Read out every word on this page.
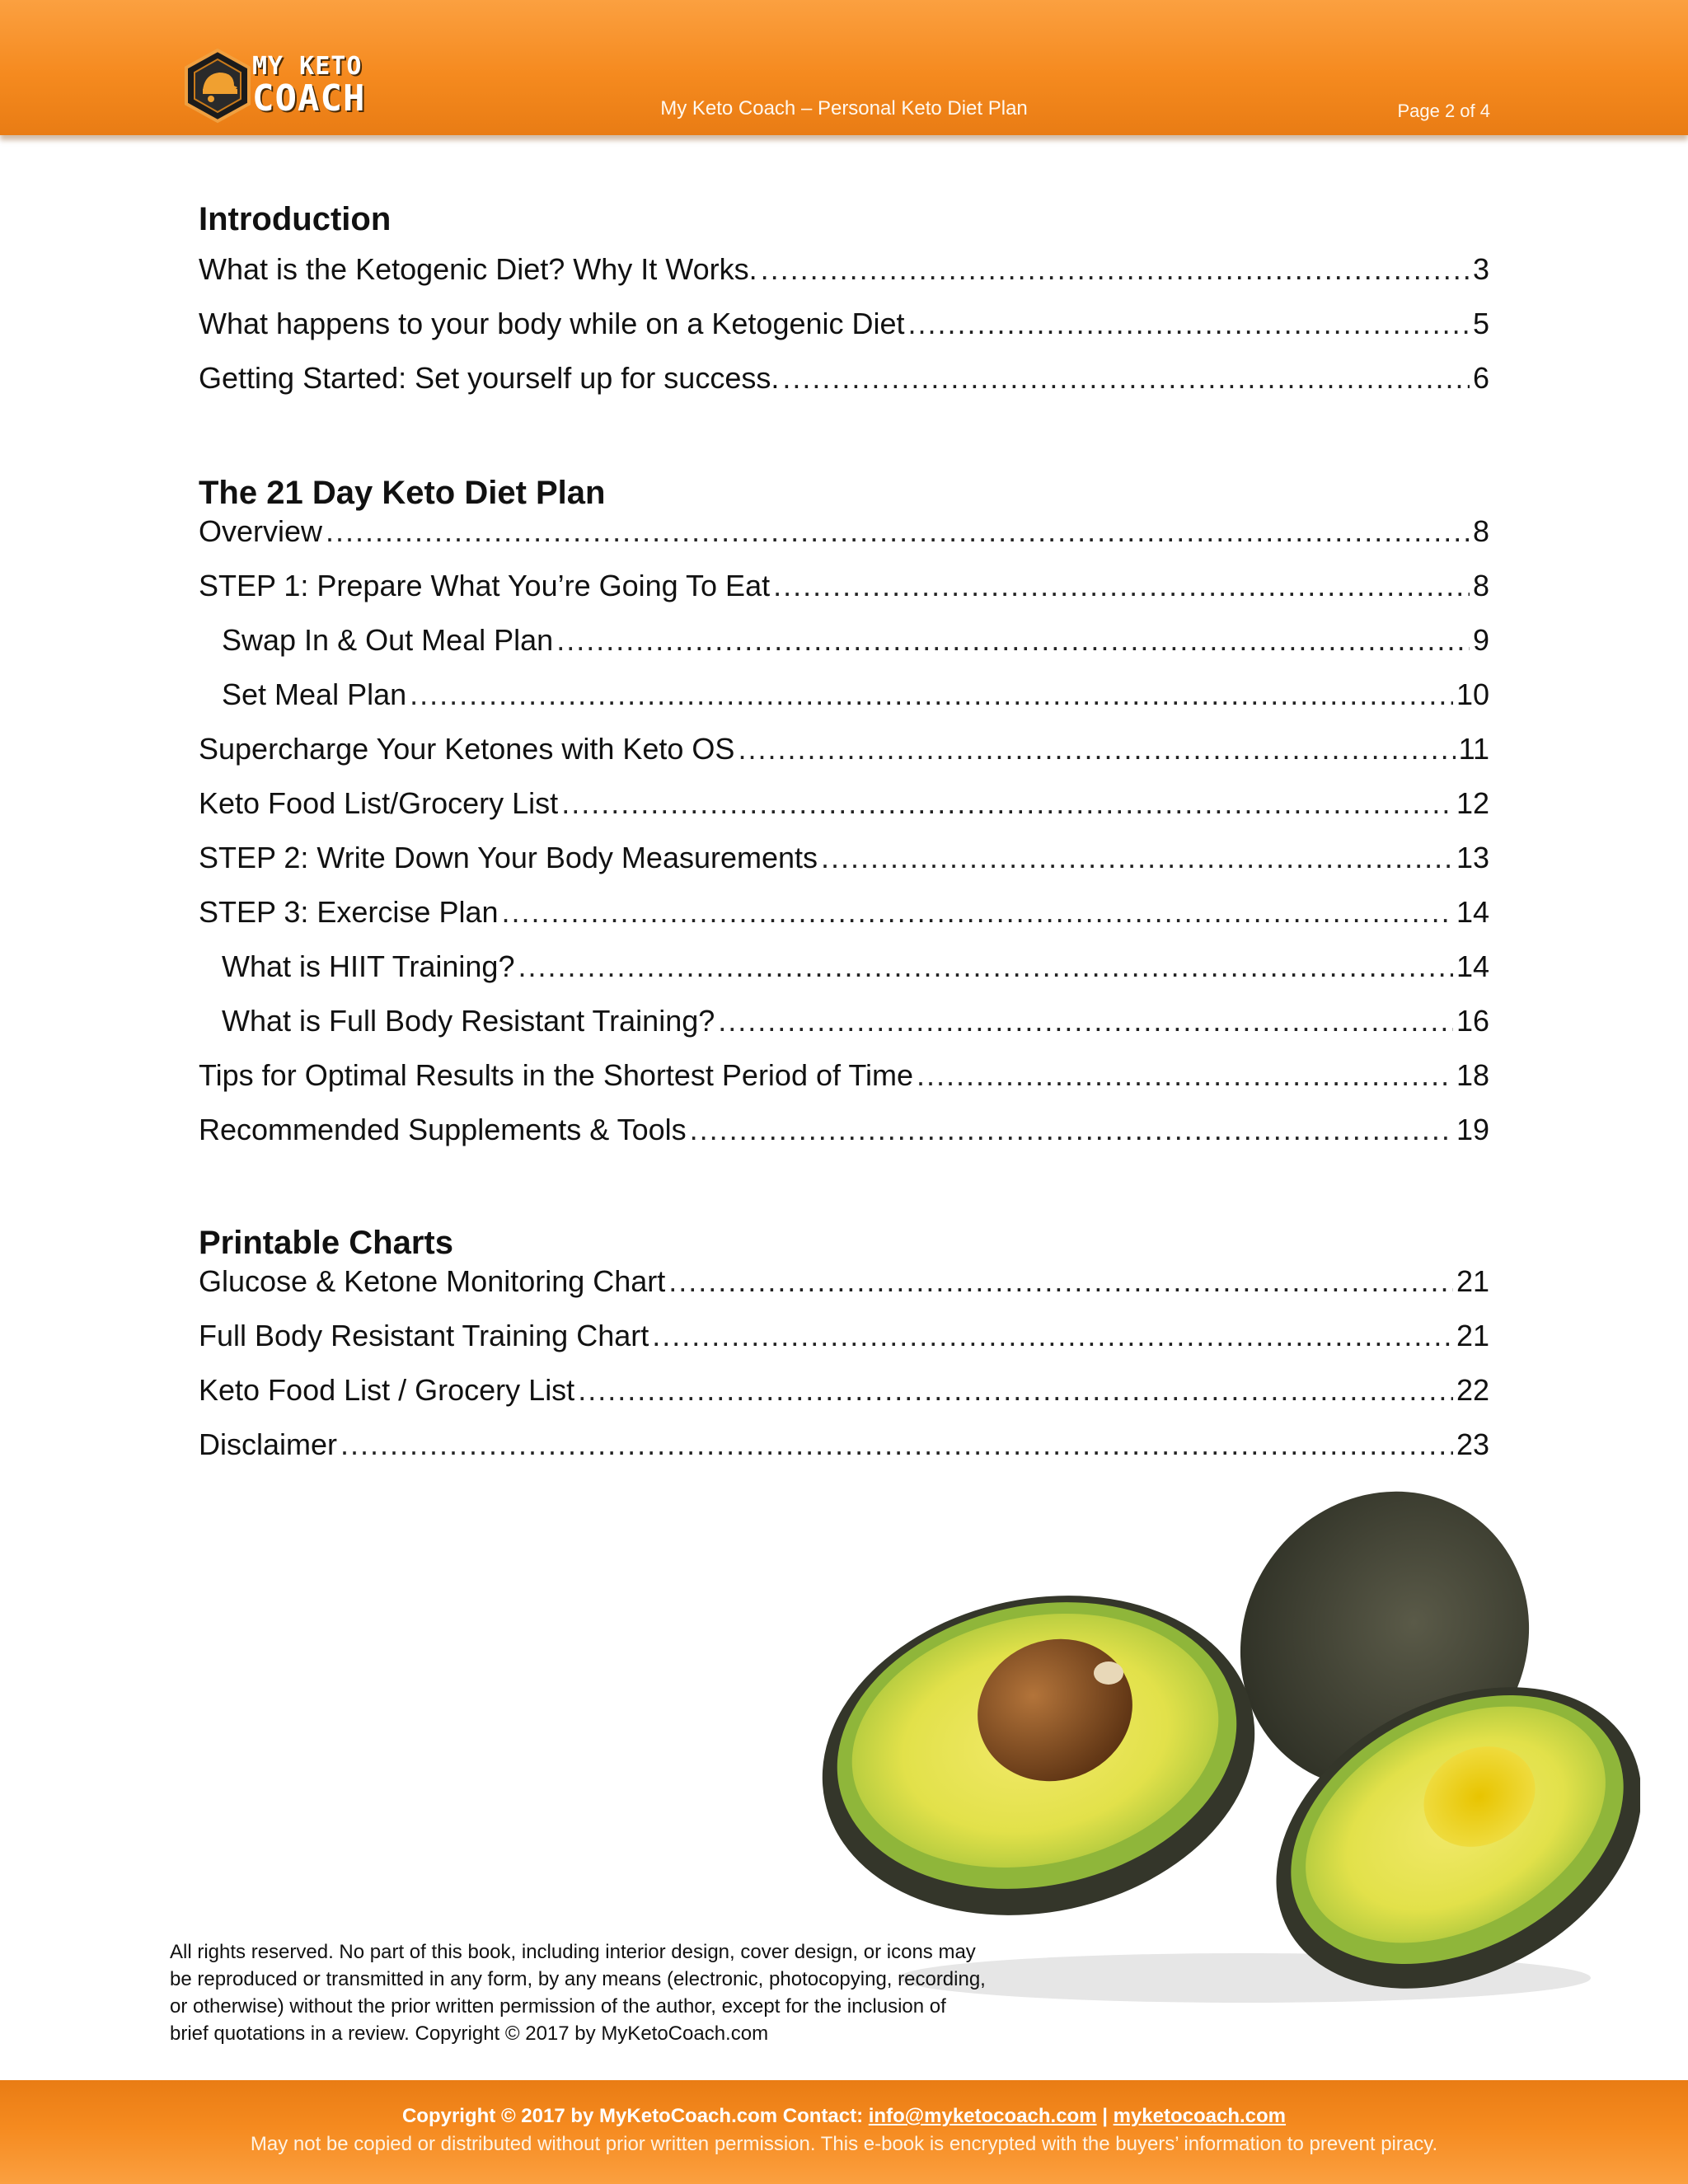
MY KETO
COACH	My Keto Coach – Personal Keto Diet Plan	Page 2 of 4
Introduction
What is the Ketogenic Diet? Why It Works. .....	3
What happens to your body while on a Ketogenic Diet .....	5
Getting Started: Set yourself up for success. .....	6
The 21 Day Keto Diet Plan
Overview .....	8
STEP 1: Prepare What You’re Going To Eat .....	8
Swap In & Out Meal Plan .....	9
Set Meal Plan .....	10
Supercharge Your Ketones with Keto OS .....	11
Keto Food List/Grocery List .....	12
STEP 2: Write Down Your Body Measurements .....	13
STEP 3: Exercise Plan .....	14
What is HIIT Training? .....	14
What is Full Body Resistant Training? .....	16
Tips for Optimal Results in the Shortest Period of Time .....	18
Recommended Supplements & Tools .....	19
Printable Charts
Glucose & Ketone Monitoring Chart .....	21
Full Body Resistant Training Chart .....	21
Keto Food List / Grocery List .....	22
Disclaimer .....	23
All rights reserved. No part of this book, including interior design, cover design, or icons may
be reproduced or transmitted in any form, by any means (electronic, photocopying, recording,
or otherwise) without the prior written permission of the author, except for the inclusion of
brief quotations in a review. Copyright © 2017 by MyKetoCoach.com
Copyright © 2017 by MyKetoCoach.com Contact: info@myketocoach.com | myketocoach.com
May not be copied or distributed without prior written permission. This e-book is encrypted with the buyers’ information to prevent piracy.
